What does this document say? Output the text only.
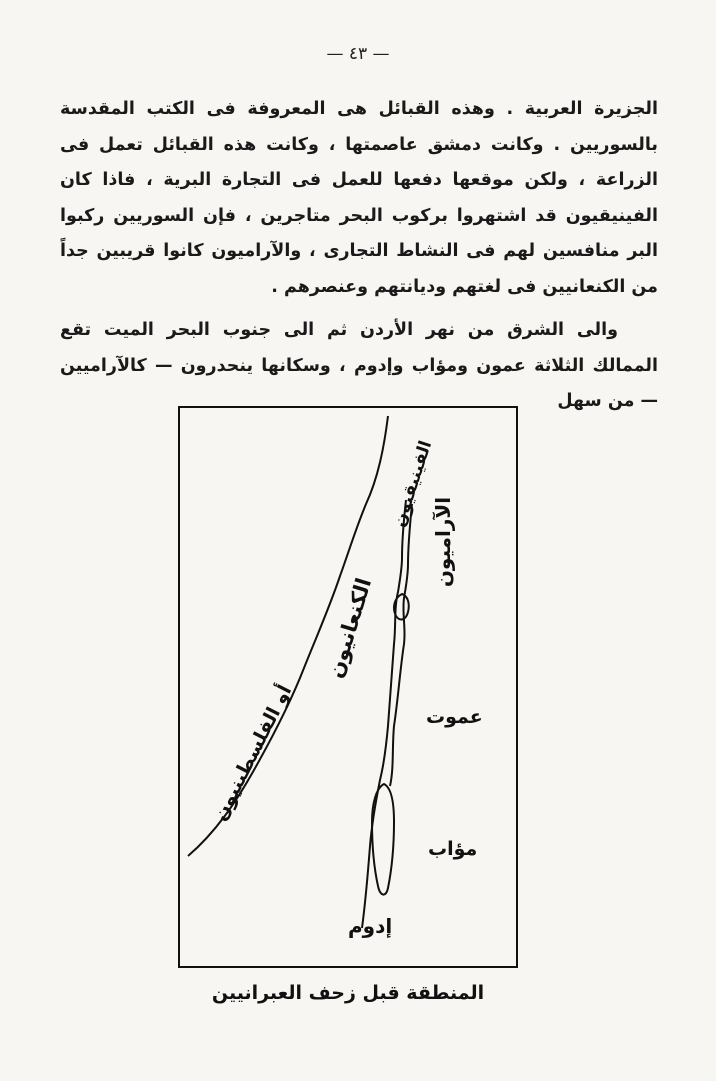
— ٤٣ —

الجزيرة العربية . وهذه القبائل هى المعروفة فى الكتب المقدسة بالسوريين . وكانت دمشق عاصمتها ، وكانت هذه القبائل تعمل فى الزراعة ، ولكن موقعها دفعها للعمل فى التجارة البرية ، فاذا كان الفينيقيون قد اشتهروا بركوب البحر متاجرين ، فإن السوريين ركبوا البر منافسين لهم فى النشاط التجارى ، والآراميون كانوا قريبين جداً من الكنعانيين فى لغتهم وديانتهم وعنصرهم .

والى الشرق من نهر الأردن ثم الى جنوب البحر الميت تقع الممالك الثلاثة عمون ومؤاب وإدوم ، وسكانها ينحدرون — كالآراميين — من سهل

الفينيقيون
الآراميون
الكنعانيون
أو الفلسطينيون	عموت
مؤاب
إدوم
المنطقة قبل زحف العبرانيين
